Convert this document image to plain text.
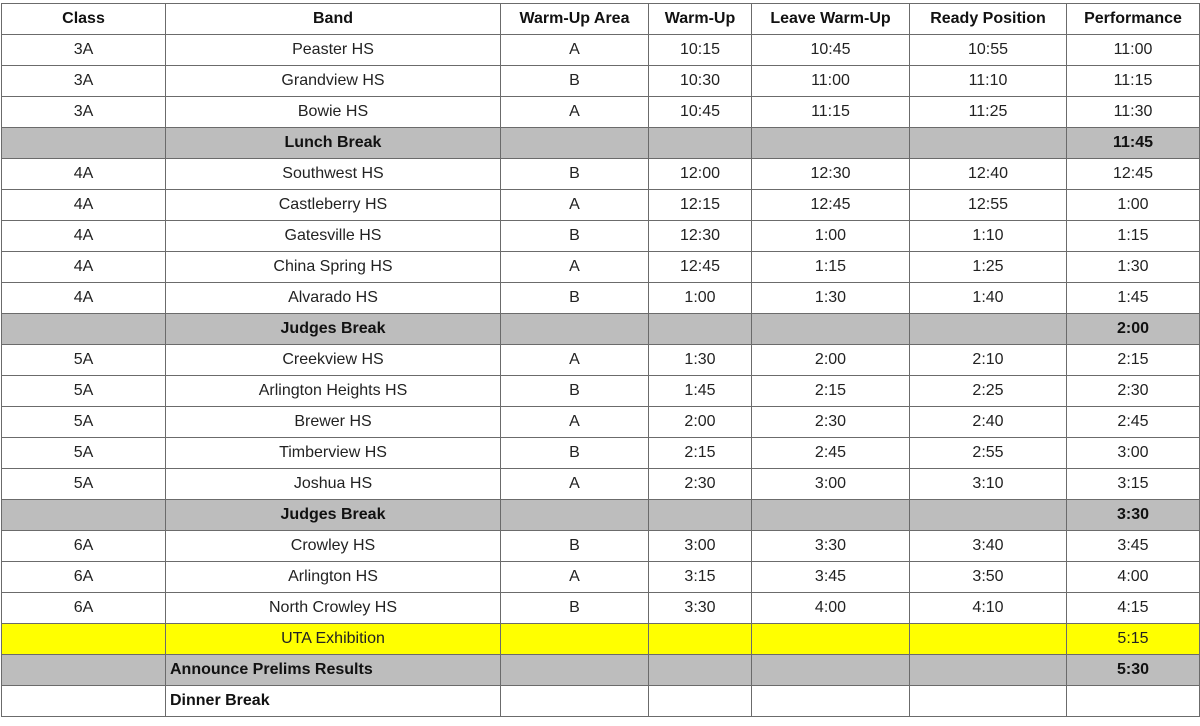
Class	Band	Warm-Up Area	Warm-Up	Leave Warm-Up	Ready Position	Performance
3A	Peaster HS	A	10:15	10:45	10:55	11:00
3A	Grandview HS	B	10:30	11:00	11:10	11:15
3A	Bowie HS	A	10:45	11:15	11:25	11:30
	Lunch Break					11:45
4A	Southwest HS	B	12:00	12:30	12:40	12:45
4A	Castleberry HS	A	12:15	12:45	12:55	1:00
4A	Gatesville HS	B	12:30	1:00	1:10	1:15
4A	China Spring HS	A	12:45	1:15	1:25	1:30
4A	Alvarado HS	B	1:00	1:30	1:40	1:45
	Judges Break					2:00
5A	Creekview HS	A	1:30	2:00	2:10	2:15
5A	Arlington Heights HS	B	1:45	2:15	2:25	2:30
5A	Brewer HS	A	2:00	2:30	2:40	2:45
5A	Timberview HS	B	2:15	2:45	2:55	3:00
5A	Joshua HS	A	2:30	3:00	3:10	3:15
	Judges Break					3:30
6A	Crowley HS	B	3:00	3:30	3:40	3:45
6A	Arlington HS	A	3:15	3:45	3:50	4:00
6A	North Crowley HS	B	3:30	4:00	4:10	4:15
	UTA Exhibition					5:15
	Announce Prelims Results					5:30
	Dinner Break					
